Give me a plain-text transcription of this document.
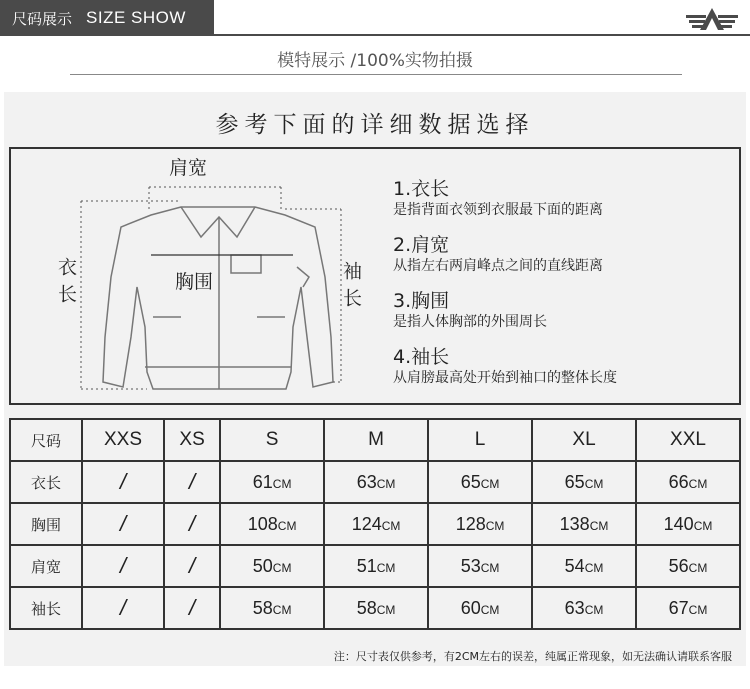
尺码展示 SIZE SHOW
模特展示 /100%实物拍摄
参考下面的详细数据选择
肩宽
胸围
衣长	袖长
1.衣长
是指背面衣领到衣服最下面的距离
2.肩宽
从指左右两肩峰点之间的直线距离
3.胸围
是指人体胸部的外围周长
4.袖长
从肩膀最高处开始到袖口的整体长度
尺码	XXS	XS	S	M	L	XL	XXL
衣长	/	/	61CM	63CM	65CM	65CM	66CM
胸围	/	/	108CM	124CM	128CM	138CM	140CM
肩宽	/	/	50CM	51CM	53CM	54CM	56CM
袖长	/	/	58CM	58CM	60CM	63CM	67CM
注：尺寸表仅供参考，有2CM左右的误差，纯属正常现象，如无法确认请联系客服
